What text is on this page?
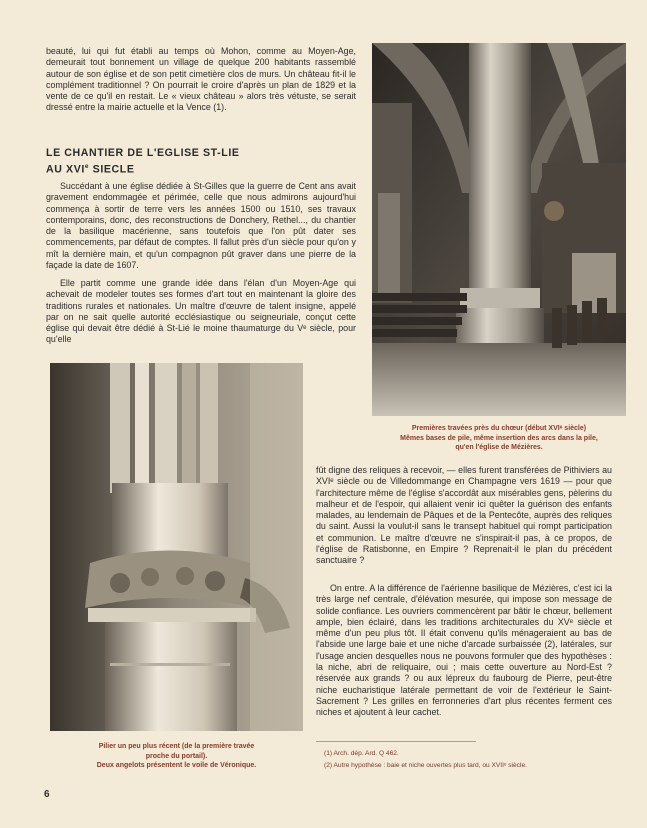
beauté, lui qui fut établi au temps où Mohon, comme au Moyen-Age, demeurait tout bonnement un village de quelque 200 habitants rassemblé autour de son église et de son petit cimetière clos de murs. Un château fit-il le complément traditionnel ? On pourrait le croire d'après un plan de 1829 et la vente de ce qu'il en restait. Le « vieux château » alors très vétuste, se serait dressé entre la mairie actuelle et la Vence (1).

LE CHANTIER DE L'EGLISE ST-LIE
AU XVIe SIECLE

Succédant à une église dédiée à St-Gilles que la guerre de Cent ans avait gravement endommagée et périmée, celle que nous admirons aujourd'hui commença à sortir de terre vers les années 1500 ou 1510, ses travaux contemporains, donc, des reconstructions de Donchery, Rethel..., du chantier de la basilique macérienne, sans toutefois que l'on pût dater ses commencements, par défaut de comptes. Il fallut près d'un siècle pour qu'on y mît la dernière main, et qu'un compagnon pût graver dans une pierre de la façade la date de 1607.

Elle partit comme une grande idée dans l'élan d'un Moyen-Age qui achevait de modeler toutes ses formes d'art tout en maintenant la gloire des traditions rurales et nationales. Un maître d'œuvre de talent insigne, appelé par on ne sait quelle autorité ecclésiastique ou seigneuriale, conçut cette église qui devait être dédié à St-Lié le moine thaumaturge du Vᵉ siècle, pour qu'elle

Premières travées près du chœur (début XVIᵉ siècle)
Mêmes bases de pile, même insertion des arcs dans la pile,
qu'en l'église de Mézières.

Pilier un peu plus récent (de la première travée
proche du portail).
Deux angelots présentent le voile de Véronique.

fût digne des reliques à recevoir, — elles furent transférées de Pithiviers au XVIᵉ siècle ou de Villedommange en Champagne vers 1619 — pour que l'architecture même de l'église s'accordât aux misérables gens, pèlerins du malheur et de l'espoir, qui allaient venir ici quêter la guérison des enfants malades, au lendemain de Pâques et de la Pentecôte, auprès des reliques du saint. Aussi la voulut-il sans le transept habituel qui rompt participation et communion. Le maître d'œuvre ne s'inspirait-il pas, à ce propos, de l'église de Ratisbonne, en Empire ? Reprenait-il le plan du précédent sanctuaire ?

On entre. A la différence de l'aérienne basilique de Mézières, c'est ici la très large nef centrale, d'élévation mesurée, qui impose son message de solide confiance. Les ouvriers commencèrent par bâtir le chœur, bellement ample, bien éclairé, dans les traditions architecturales du XVᵉ siècle et même d'un peu plus tôt. Il était convenu qu'ils ménageraient au bas de l'abside une large baie et une niche d'arcade surbaissée (2), latérales, sur l'usage ancien desquelles nous ne pouvons formuler que des hypothèses : la niche, abri de reliquaire, oui ; mais cette ouverture au Nord-Est ? réservée aux grands ? ou aux lépreux du faubourg de Pierre, peut-être niche eucharistique latérale permettant de voir de l'extérieur le Saint-Sacrement ? Les grilles en ferronneries d'art plus récentes ferment ces niches et ajoutent à leur cachet.

(1) Arch. dép. Ard. Q 462.

(2) Autre hypothèse : baie et niche ouvertes plus tard, ou XVIIᵉ siècle.

6
